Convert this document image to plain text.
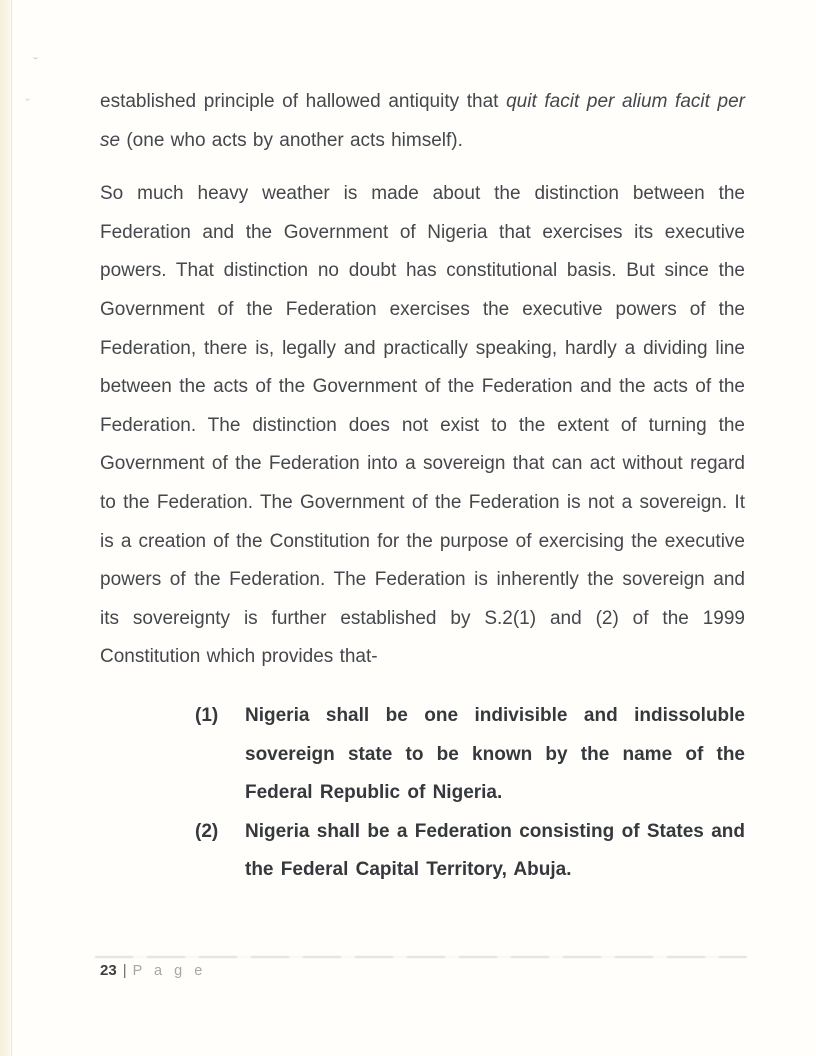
⌄
⌄	established principle of hallowed antiquity that quit facit per alium facit per se (one who acts by another acts himself).

So much heavy weather is made about the distinction between the Federation and the Government of Nigeria that exercises its executive powers. That distinction no doubt has constitutional basis. But since the Government of the Federation exercises the executive powers of the Federation, there is, legally and practically speaking, hardly a dividing line between the acts of the Government of the Federation and the acts of the Federation. The distinction does not exist to the extent of turning the Government of the Federation into a sovereign that can act without regard to the Federation. The Government of the Federation is not a sovereign. It is a creation of the Constitution for the purpose of exercising the executive powers of the Federation. The Federation is inherently the sovereign and its sovereignty is further established by S.2(1) and (2) of the 1999 Constitution which provides that-

(1) Nigeria shall be one indivisible and indissoluble sovereign state to be known by the name of the Federal Republic of Nigeria.
(2) Nigeria shall be a Federation consisting of States and the Federal Capital Territory, Abuja.
23 | P a g e
